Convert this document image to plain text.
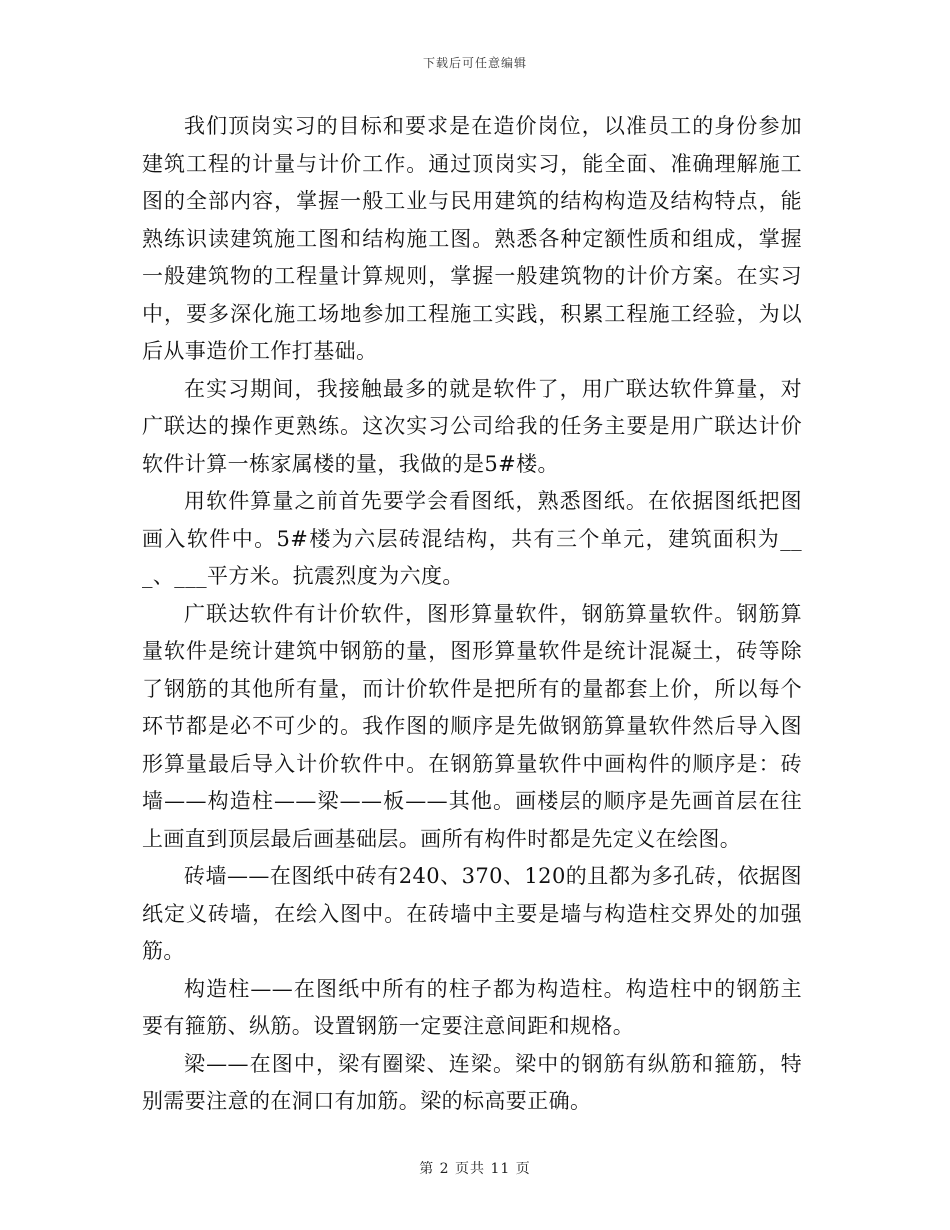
下载后可任意编辑

我们顶岗实习的目标和要求是在造价岗位，以准员工的身份参加建筑工程的计量与计价工作。通过顶岗实习，能全面、准确理解施工图的全部内容，掌握一般工业与民用建筑的结构构造及结构特点，能熟练识读建筑施工图和结构施工图。熟悉各种定额性质和组成，掌握一般建筑物的工程量计算规则，掌握一般建筑物的计价方案。在实习中，要多深化施工场地参加工程施工实践，积累工程施工经验，为以后从事造价工作打基础。

在实习期间，我接触最多的就是软件了，用广联达软件算量，对广联达的操作更熟练。这次实习公司给我的任务主要是用广联达计价软件计算一栋家属楼的量，我做的是5#楼。

用软件算量之前首先要学会看图纸，熟悉图纸。在依据图纸把图画入软件中。5#楼为六层砖混结构，共有三个单元，建筑面积为___、___平方米。抗震烈度为六度。

广联达软件有计价软件，图形算量软件，钢筋算量软件。钢筋算量软件是统计建筑中钢筋的量，图形算量软件是统计混凝土，砖等除了钢筋的其他所有量，而计价软件是把所有的量都套上价，所以每个环节都是必不可少的。我作图的顺序是先做钢筋算量软件然后导入图形算量最后导入计价软件中。在钢筋算量软件中画构件的顺序是：砖墙——构造柱——梁——板——其他。画楼层的顺序是先画首层在往上画直到顶层最后画基础层。画所有构件时都是先定义在绘图。

砖墙——在图纸中砖有240、370、120的且都为多孔砖，依据图纸定义砖墙，在绘入图中。在砖墙中主要是墙与构造柱交界处的加强筋。

构造柱——在图纸中所有的柱子都为构造柱。构造柱中的钢筋主要有箍筋、纵筋。设置钢筋一定要注意间距和规格。

梁——在图中，梁有圈梁、连梁。梁中的钢筋有纵筋和箍筋，特别需要注意的在洞口有加筋。梁的标高要正确。

第 2 页共 11 页
